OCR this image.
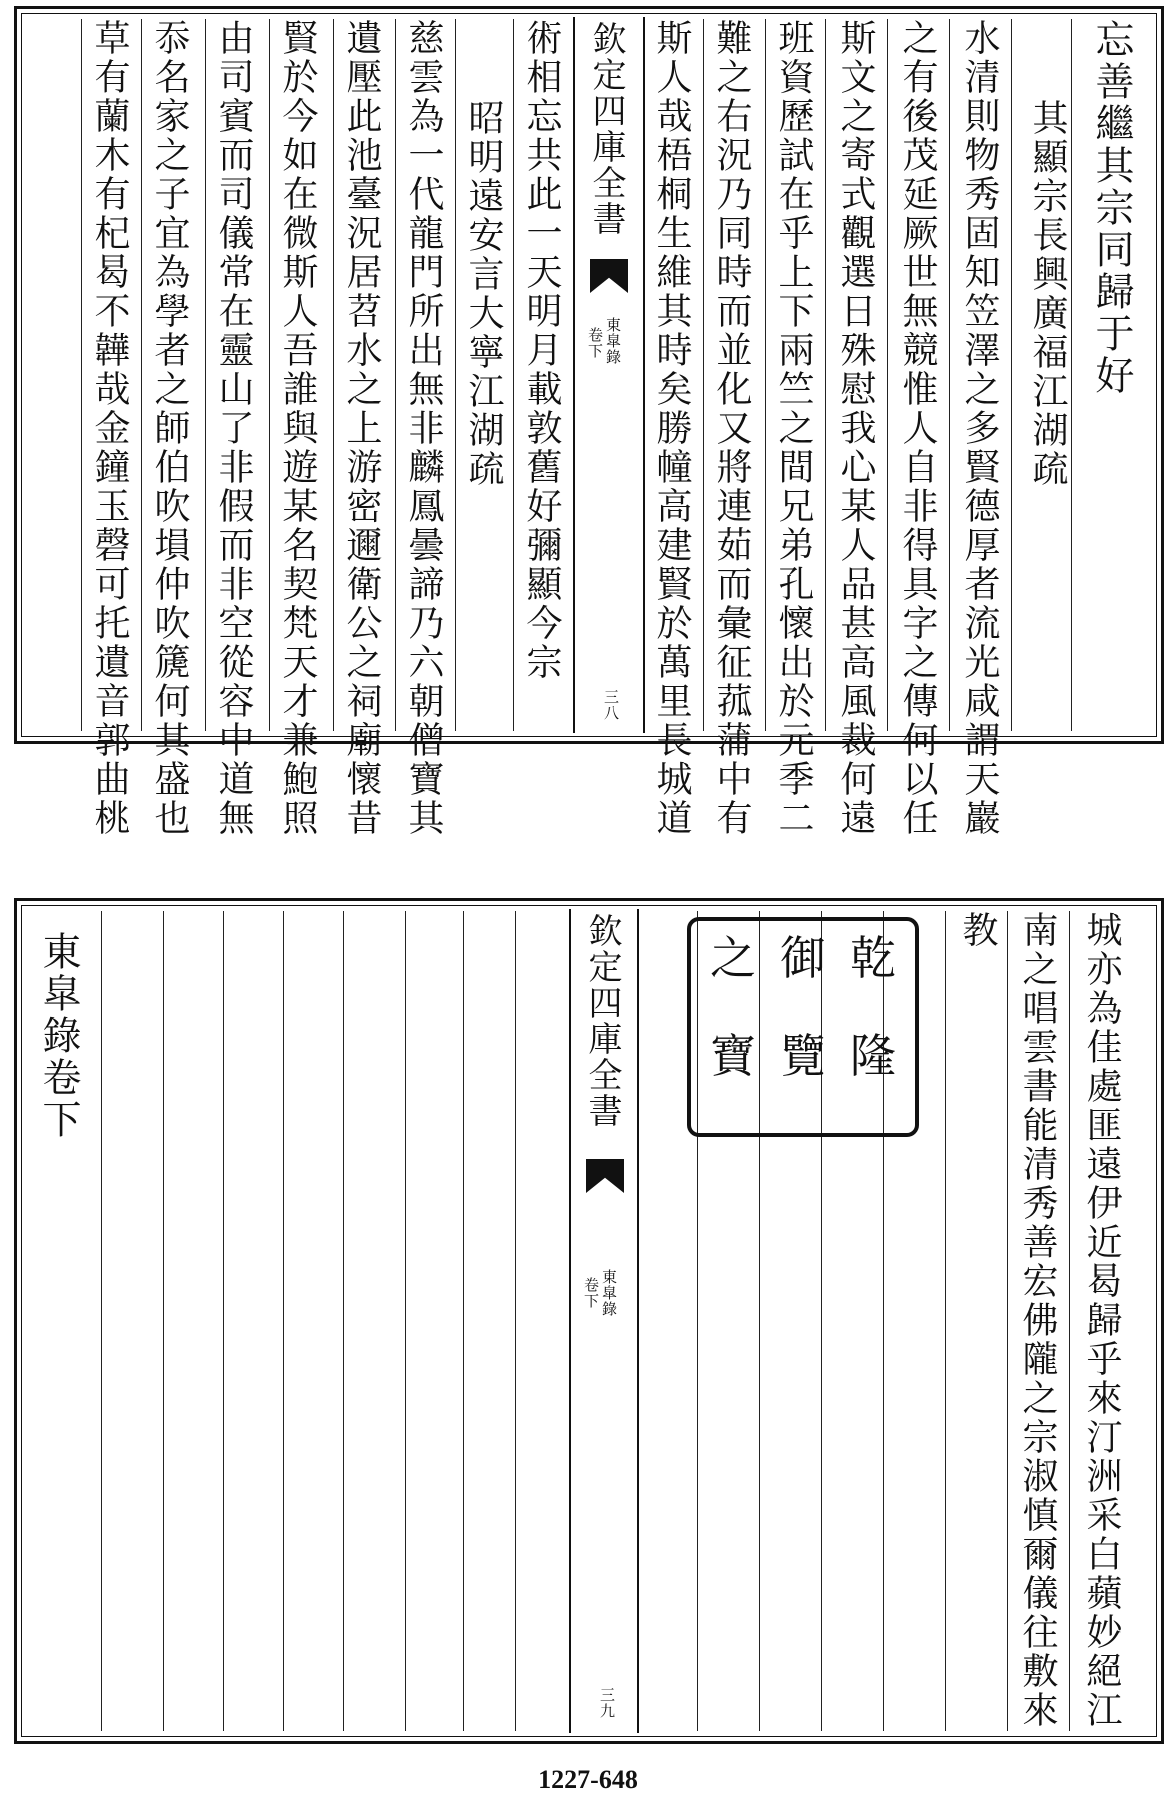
欽定四庫全書
東皐錄
卷下
三八
忘善繼其宗同歸于好
其顯宗長興廣福江湖疏
水清則物秀固知笠澤之多賢德厚者流光咸謂天巖
之有後茂延厥世無競惟人自非得具字之傳何以任
斯文之寄式觀選日殊慰我心某人品甚高風裁何遠
班資歷試在乎上下兩竺之間兄弟孔懷出於元季二
難之右況乃同時而並化又將連茹而彙征菰蒲中有
斯人哉梧桐生維其時矣勝幢高建賢於萬里長城道
術相忘共此一天明月載敦舊好彌顯今宗
昭明遠安言大寧江湖疏
慈雲為一代龍門所出無非麟鳳曇諦乃六朝僧寶其
遺壓此池臺況居苕水之上游密邇衛公之祠廟懷昔
賢於今如在微斯人吾誰與遊某名契梵天才兼鮑照
由司賓而司儀常在靈山了非假而非空從容中道無
忝名家之子宜為學者之師伯吹塤仲吹篪何其盛也
草有蘭木有杞曷不韡哉金鐘玉磬可托遺音郭曲桃
欽定四庫全書
東皐錄
卷下
三九
乾
隆
御
覽
之
寶	城亦為佳處匪遠伊近曷歸乎來汀洲采白蘋妙絕江
南之唱雲書能清秀善宏佛隴之宗淑慎爾儀往敷來
教
東皐錄卷下
1227-648
